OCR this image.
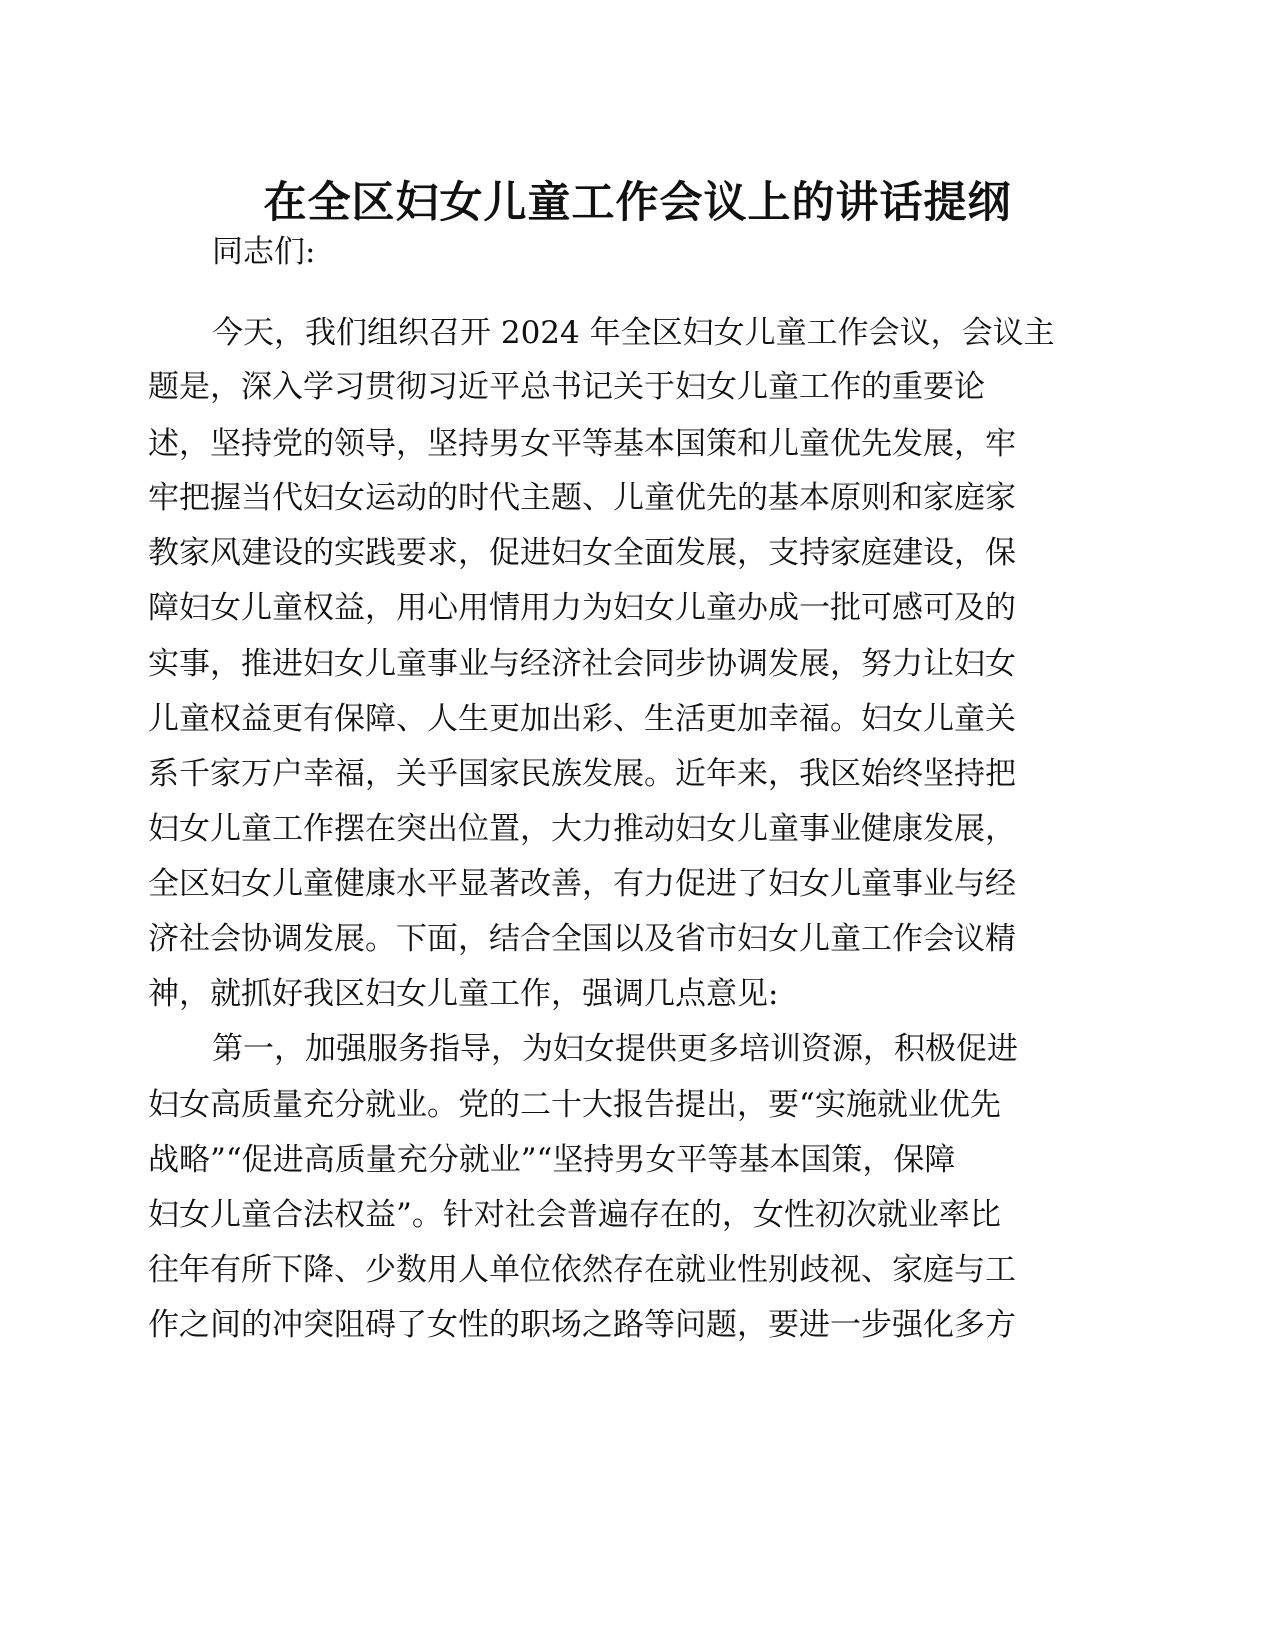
在全区妇女儿童工作会议上的讲话提纲
同志们:
今天，我们组织召开 2024 年全区妇女儿童工作会议，会议主
题是，深入学习贯彻习近平总书记关于妇女儿童工作的重要论
述，坚持党的领导，坚持男女平等基本国策和儿童优先发展，牢
牢把握当代妇女运动的时代主题、儿童优先的基本原则和家庭家
教家风建设的实践要求，促进妇女全面发展，支持家庭建设，保
障妇女儿童权益，用心用情用力为妇女儿童办成一批可感可及的
实事，推进妇女儿童事业与经济社会同步协调发展，努力让妇女
儿童权益更有保障、人生更加出彩、生活更加幸福。妇女儿童关
系千家万户幸福，关乎国家民族发展。近年来，我区始终坚持把
妇女儿童工作摆在突出位置，大力推动妇女儿童事业健康发展，
全区妇女儿童健康水平显著改善，有力促进了妇女儿童事业与经
济社会协调发展。下面，结合全国以及省市妇女儿童工作会议精
神，就抓好我区妇女儿童工作，强调几点意见:
第一，加强服务指导，为妇女提供更多培训资源，积极促进
妇女高质量充分就业。党的二十大报告提出，要“实施就业优先
战略”“促进高质量充分就业”“坚持男女平等基本国策，保障
妇女儿童合法权益”。针对社会普遍存在的，女性初次就业率比
往年有所下降、少数用人单位依然存在就业性别歧视、家庭与工
作之间的冲突阻碍了女性的职场之路等问题，要进一步强化多方
